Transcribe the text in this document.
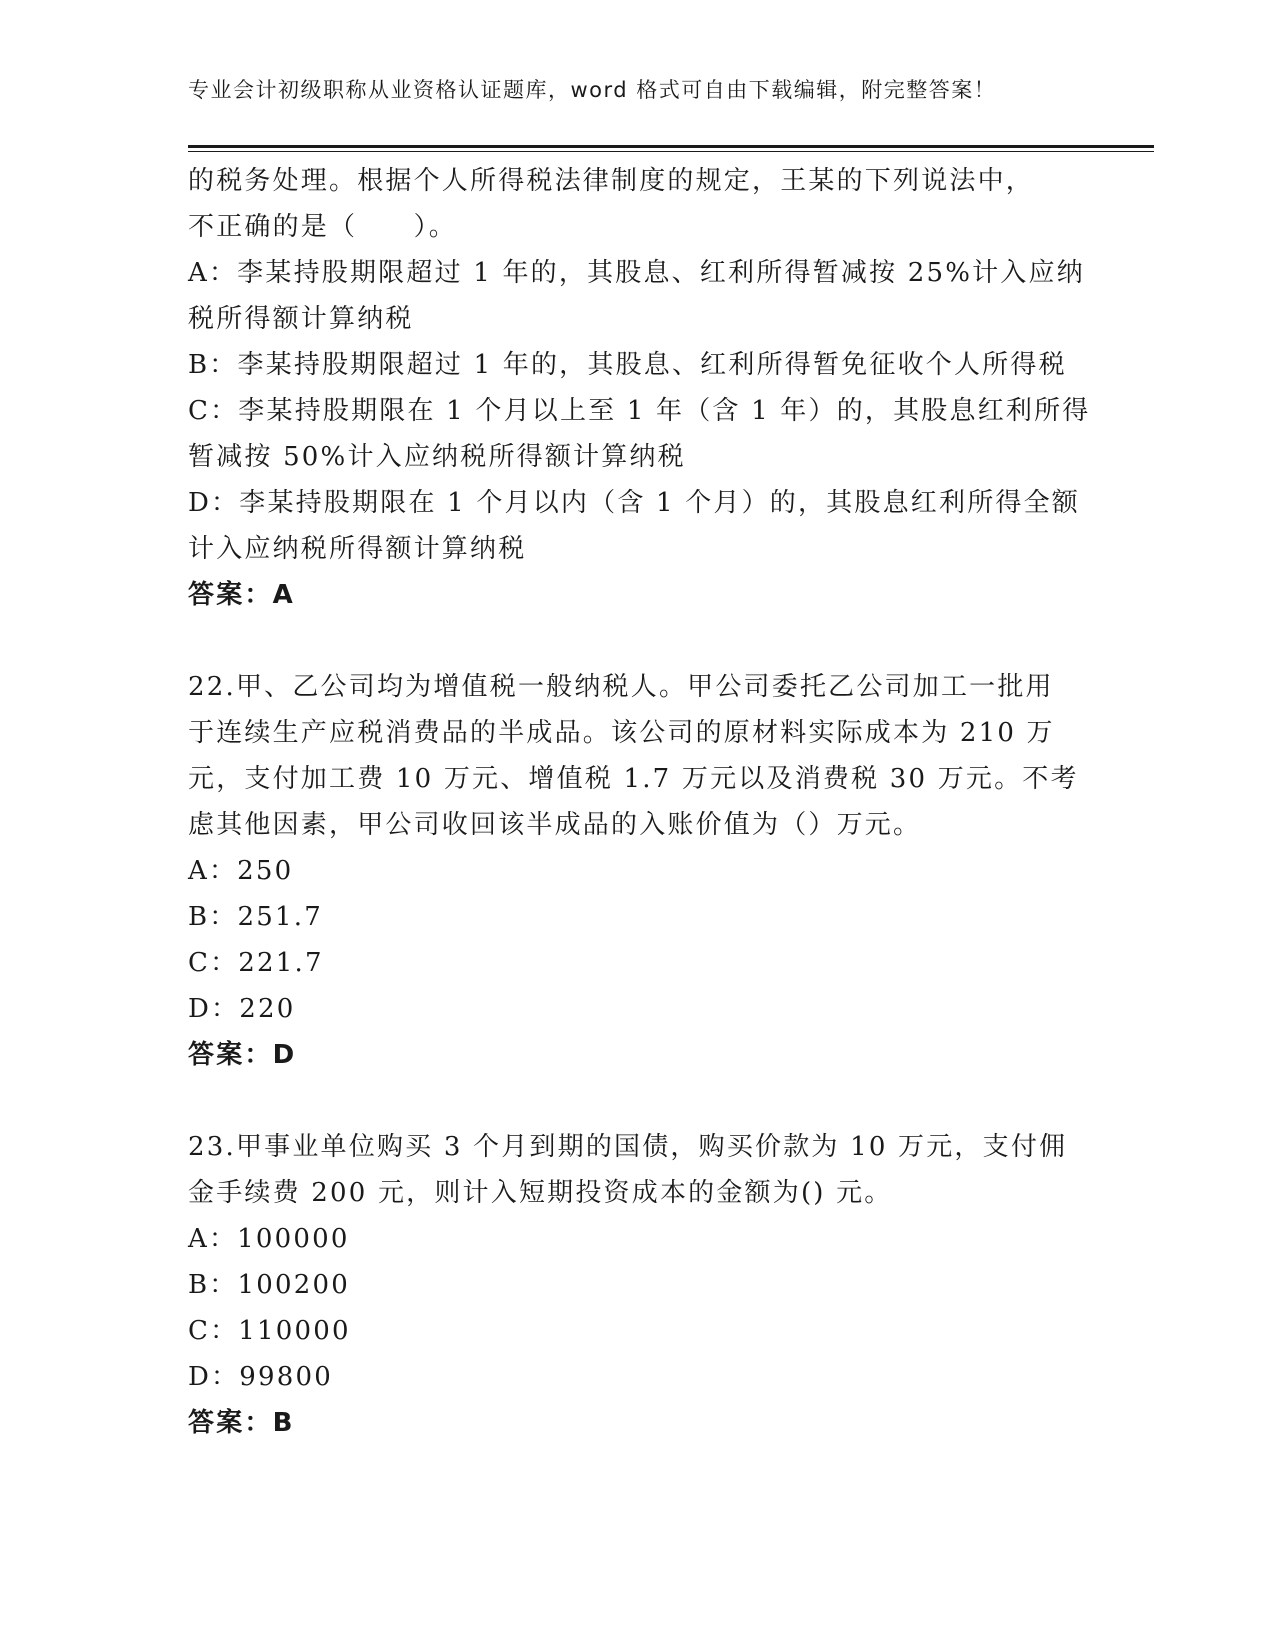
专业会计初级职称从业资格认证题库，word 格式可自由下载编辑，附完整答案！
的税务处理。根据个人所得税法律制度的规定，王某的下列说法中，
不正确的是（　　）。
A：李某持股期限超过 1 年的，其股息、红利所得暂减按 25%计入应纳
税所得额计算纳税
B：李某持股期限超过 1 年的，其股息、红利所得暂免征收个人所得税
C：李某持股期限在 1 个月以上至 1 年（含 1 年）的，其股息红利所得
暂减按 50%计入应纳税所得额计算纳税
D：李某持股期限在 1 个月以内（含 1 个月）的，其股息红利所得全额
计入应纳税所得额计算纳税
答案：A
22.甲、乙公司均为增值税一般纳税人。甲公司委托乙公司加工一批用
于连续生产应税消费品的半成品。该公司的原材料实际成本为 210 万
元，支付加工费 10 万元、增值税 1.7 万元以及消费税 30 万元。不考
虑其他因素，甲公司收回该半成品的入账价值为（）万元。
A：250
B：251.7
C：221.7
D：220
答案：D
23.甲事业单位购买 3 个月到期的国债，购买价款为 10 万元，支付佣
金手续费 200 元，则计入短期投资成本的金额为() 元。
A：100000
B：100200
C：110000
D：99800
答案：B
